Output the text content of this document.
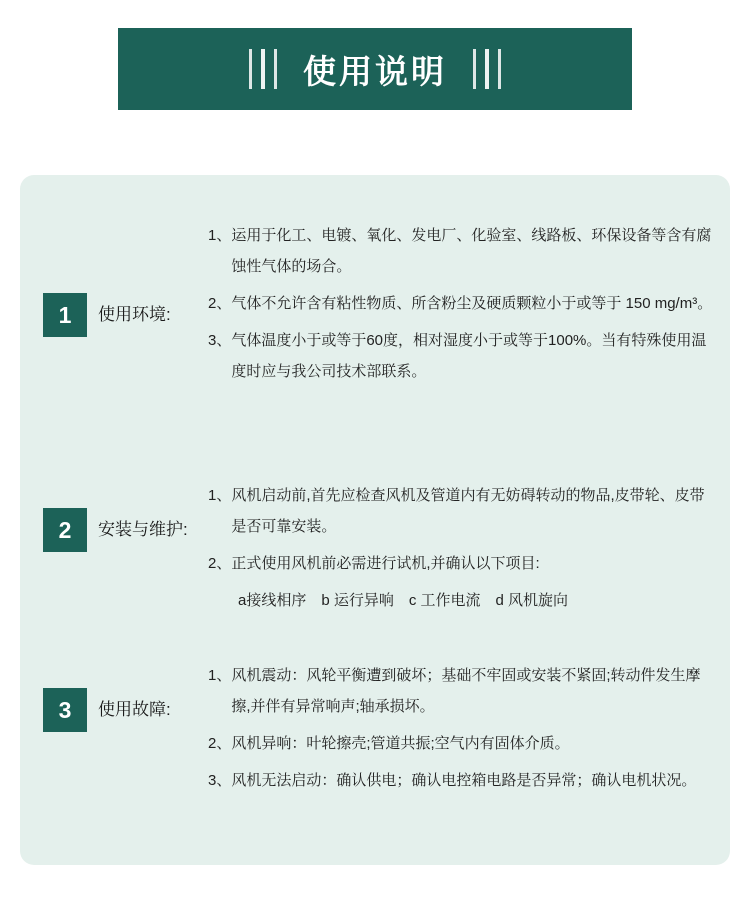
使用说明
1	使用环境:
1、 运用于化工、电镀、氧化、发电厂、化验室、线路板、环保设备等含有腐蚀性气体的场合。
2、 气体不允许含有粘性物质、所含粉尘及硬质颗粒小于或等于 150 mg/m³。
3、 气体温度小于或等于60度，相对湿度小于或等于100%。当有特殊使用温度时应与我公司技术部联系。
2	安装与维护:
1、 风机启动前,首先应检查风机及管道内有无妨碍转动的物品,皮带轮、皮带是否可靠安装。
2、 正式使用风机前必需进行试机,并确认以下项目:
a接线相序　b 运行异响　c 工作电流　d 风机旋向
3	使用故障:
1、 风机震动：风轮平衡遭到破坏；基础不牢固或安装不紧固;转动件发生摩擦,并伴有异常响声;轴承损坏。
2、 风机异响：叶轮擦壳;管道共振;空气内有固体介质。
3、 风机无法启动：确认供电；确认电控箱电路是否异常；确认电机状况。
